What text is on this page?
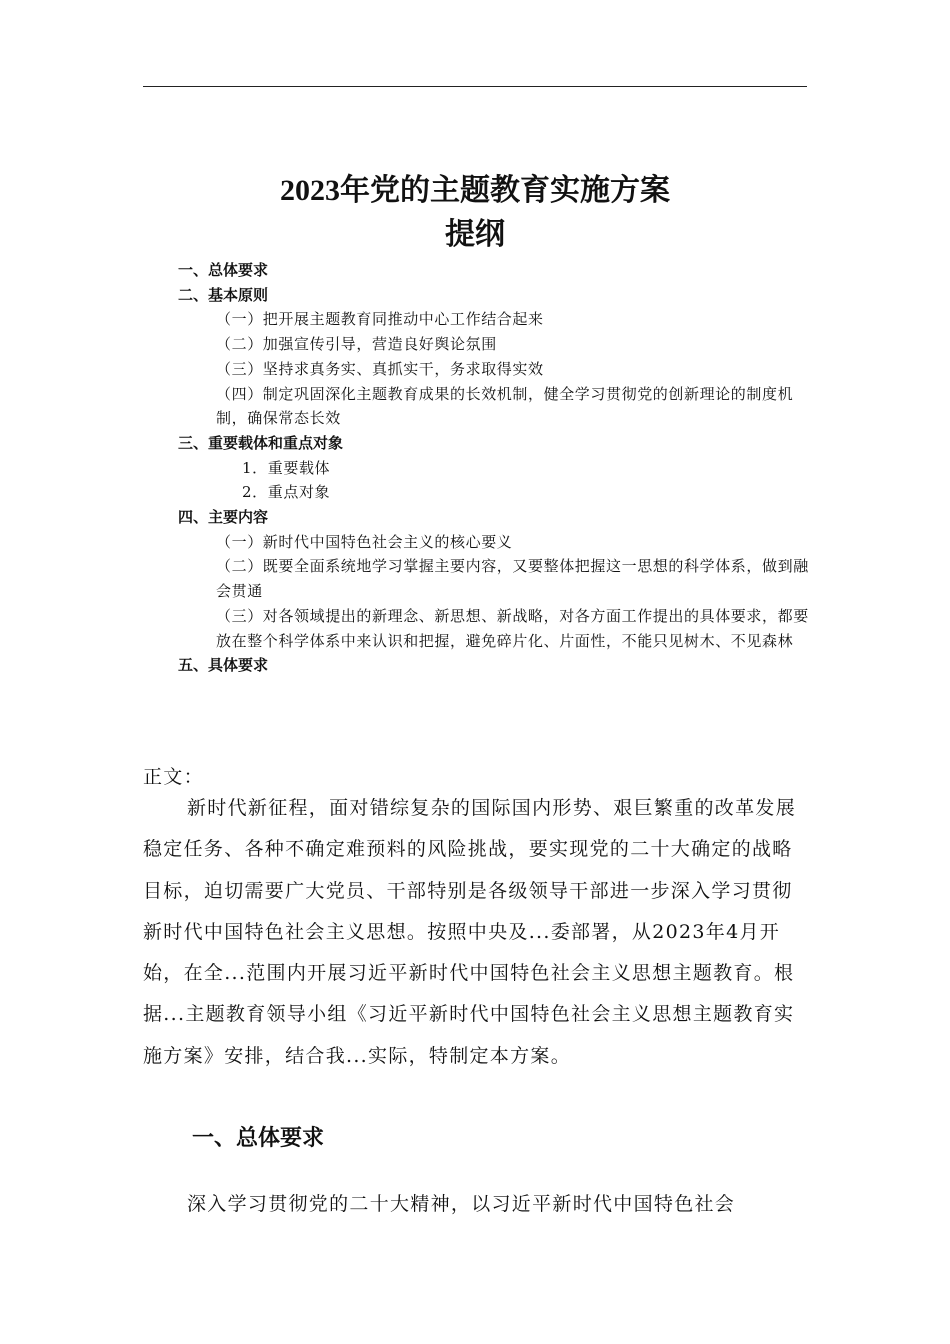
2023年党的主题教育实施方案
提纲
一、总体要求
二、基本原则
（一）把开展主题教育同推动中心工作结合起来
（二）加强宣传引导，营造良好舆论氛围
（三）坚持求真务实、真抓实干，务求取得实效
（四）制定巩固深化主题教育成果的长效机制，健全学习贯彻党的创新理论的制度机制，确保常态长效
三、重要载体和重点对象
1．重要载体
2．重点对象
四、主要内容
（一）新时代中国特色社会主义的核心要义
（二）既要全面系统地学习掌握主要内容，又要整体把握这一思想的科学体系，做到融会贯通
（三）对各领域提出的新理念、新思想、新战略，对各方面工作提出的具体要求，都要放在整个科学体系中来认识和把握，避免碎片化、片面性，不能只见树木、不见森林
五、具体要求
正文：
新时代新征程，面对错综复杂的国际国内形势、艰巨繁重的改革发展稳定任务、各种不确定难预料的风险挑战，要实现党的二十大确定的战略目标，迫切需要广大党员、干部特别是各级领导干部进一步深入学习贯彻新时代中国特色社会主义思想。按照中央及...委部署，从2023年4月开始，在全...范围内开展习近平新时代中国特色社会主义思想主题教育。根据...主题教育领导小组《习近平新时代中国特色社会主义思想主题教育实施方案》安排，结合我...实际，特制定本方案。
一、总体要求
深入学习贯彻党的二十大精神，以习近平新时代中国特色社会
